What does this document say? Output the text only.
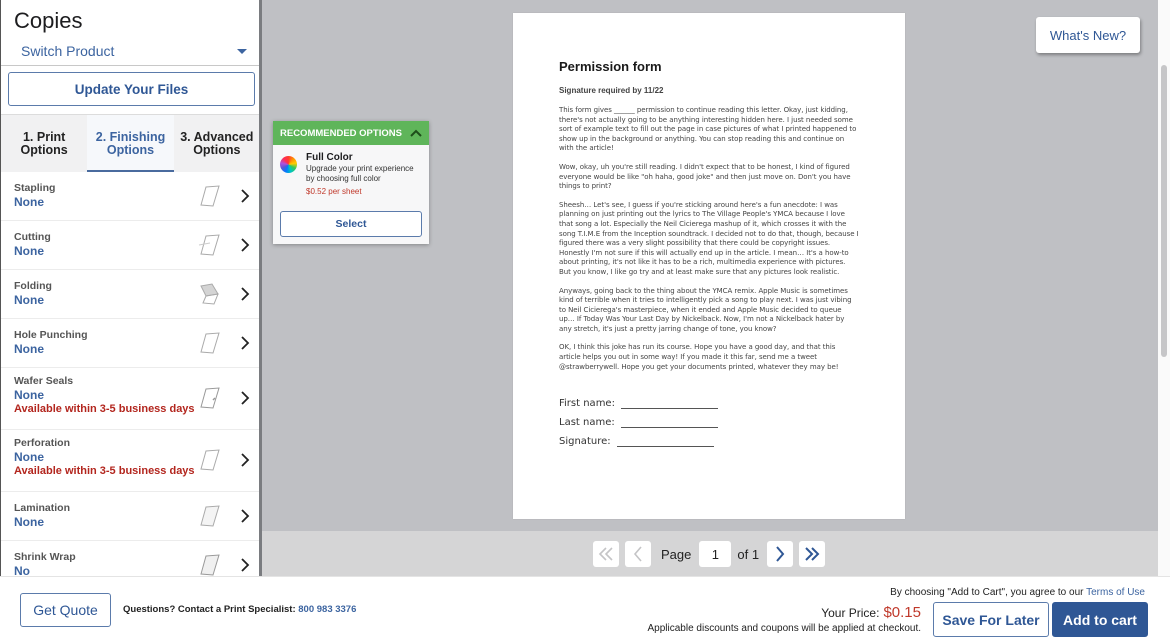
Copies
Switch Product
Update Your Files
1. Print
Options
2. Finishing
Options
3. Advanced
Options
Stapling
None
Cutting
None
Folding
None
Hole Punching
None
Wafer Seals
None
Available within 3-5 business days
Perforation
None
Available within 3-5 business days
Lamination
None
Shrink Wrap
No
Permission form
Signature required by 11/22

This form gives ______ permission to continue reading this letter. Okay, just kidding, there's not actually going to be anything interesting hidden here. I just needed some sort of example text to fill out the page in case pictures of what I printed happened to show up in the background or anything. You can stop reading this and continue on with the article!

Wow, okay, uh you're still reading. I didn't expect that to be honest, I kind of figured everyone would be like "oh haha, good joke" and then just move on. Don't you have things to print?

Sheesh… Let's see, I guess if you're sticking around here's a fun anecdote: I was planning on just printing out the lyrics to The Village People's YMCA because I love that song a lot. Especially the Neil Cicierega mashup of it, which crosses it with the song T.I.M.E from the Inception soundtrack. I decided not to do that, though, because I figured there was a very slight possibility that there could be copyright issues. Honestly I'm not sure if this will actually end up in the article. I mean… It's a how-to about printing, it's not like it has to be a rich, multimedia experience with pictures. But you know, I like go try and at least make sure that any pictures look realistic.

Anyways, going back to the thing about the YMCA remix. Apple Music is sometimes kind of terrible when it tries to intelligently pick a song to play next. I was just vibing to Neil Cicierega's masterpiece, when it ended and Apple Music decided to queue up… If Today Was Your Last Day by Nickelback. Now, I'm not a Nickelback hater by any stretch, it's just a pretty jarring change of tone, you know?

OK, I think this joke has run its course. Hope you have a good day, and that this article helps you out in some way! If you made it this far, send me a tweet @strawberrywell. Hope you get your documents printed, whatever they may be!

First name:
Last name:
Signature:
RECOMMENDED OPTIONS
Full Color
Upgrade your print experience by choosing full color
$0.52 per sheet
Select
What's New?
Page
1	of 1
Get Quote	Questions? Contact a Print Specialist: 800 983 3376
By choosing "Add to Cart", you agree to our Terms of Use
Your Price: $0.15
Applicable discounts and coupons will be applied at checkout.
Save For Later	Add to cart
